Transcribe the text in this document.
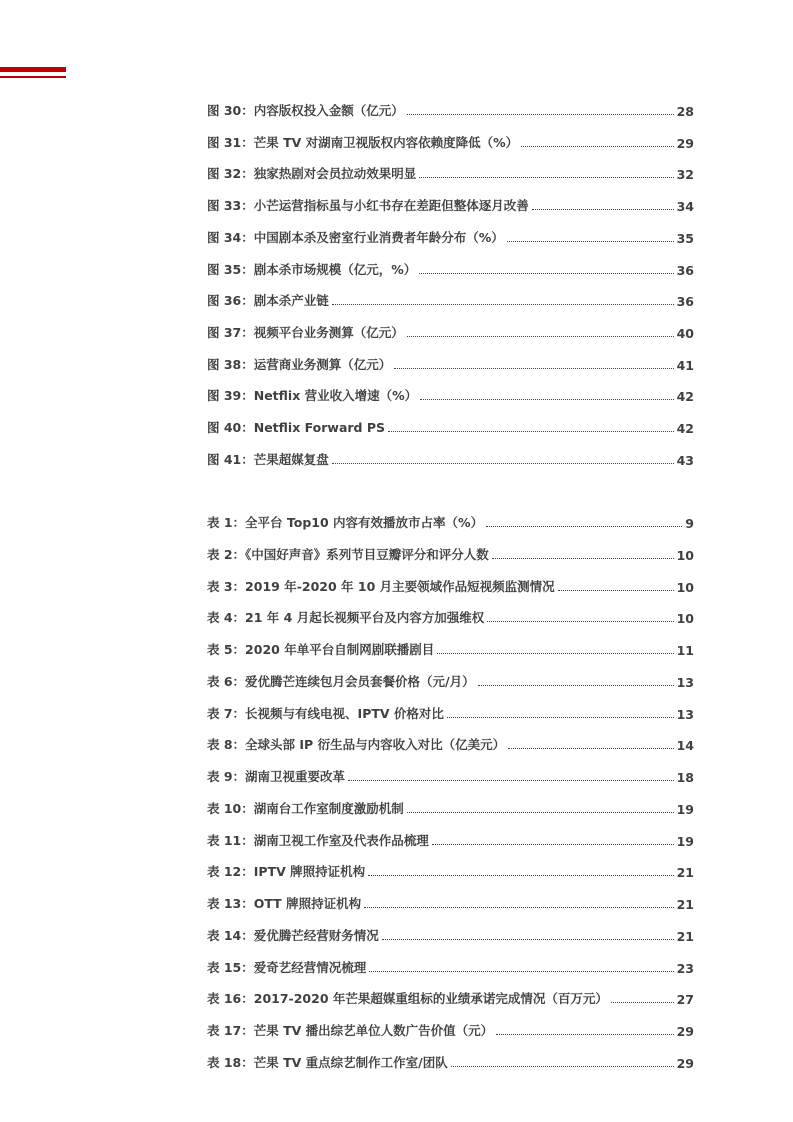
图 30：内容版权投入金额（亿元）	28
图 31：芒果 TV 对湖南卫视版权内容依赖度降低（%）	29
图 32：独家热剧对会员拉动效果明显	32
图 33：小芒运营指标虽与小红书存在差距但整体逐月改善	34
图 34：中国剧本杀及密室行业消费者年龄分布（%）	35
图 35：剧本杀市场规模（亿元，%）	36
图 36：剧本杀产业链	36
图 37：视频平台业务测算（亿元）	40
图 38：运营商业务测算（亿元）	41
图 39：Netflix 营业收入增速（%）	42
图 40：Netflix Forward PS	42
图 41：芒果超媒复盘	43
表 1：全平台 Top10 内容有效播放市占率（%）	9
表 2：《中国好声音》系列节目豆瓣评分和评分人数	10
表 3：2019 年-2020 年 10 月主要领域作品短视频监测情况	10
表 4：21 年 4 月起长视频平台及内容方加强维权	10
表 5：2020 年单平台自制网剧联播剧目	11
表 6：爱优腾芒连续包月会员套餐价格（元/月）	13
表 7：长视频与有线电视、IPTV 价格对比	13
表 8：全球头部 IP 衍生品与内容收入对比（亿美元）	14
表 9：湖南卫视重要改革	18
表 10：湖南台工作室制度激励机制	19
表 11：湖南卫视工作室及代表作品梳理	19
表 12：IPTV 牌照持证机构	21
表 13：OTT 牌照持证机构	21
表 14：爱优腾芒经营财务情况	21
表 15：爱奇艺经营情况梳理	23
表 16：2017-2020 年芒果超媒重组标的业绩承诺完成情况（百万元）	27
表 17：芒果 TV 播出综艺单位人数广告价值（元）	29
表 18：芒果 TV 重点综艺制作工作室/团队	29
